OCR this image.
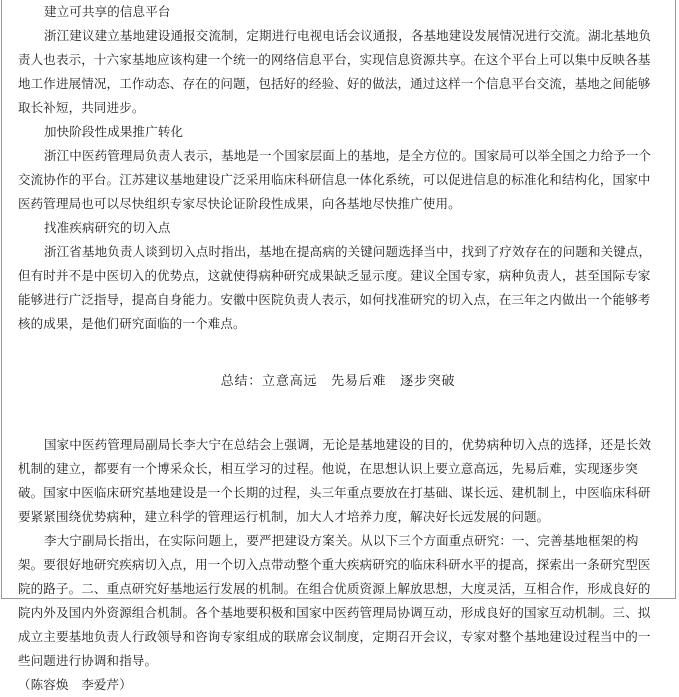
建立可共享的信息平台

浙江建议建立基地建设通报交流制，定期进行电视电话会议通报，各基地建设发展情况进行交流。湖北基地负责人也表示，十六家基地应该构建一个统一的网络信息平台，实现信息资源共享。在这个平台上可以集中反映各基地工作进展情况，工作动态、存在的问题，包括好的经验、好的做法，通过这样一个信息平台交流，基地之间能够取长补短，共同进步。

加快阶段性成果推广转化

浙江中医药管理局负责人表示，基地是一个国家层面上的基地，是全方位的。国家局可以举全国之力给予一个交流协作的平台。江苏建议基地建设广泛采用临床科研信息一体化系统，可以促进信息的标准化和结构化，国家中医药管理局也可以尽快组织专家尽快论证阶段性成果，向各基地尽快推广使用。

找准疾病研究的切入点

浙江省基地负责人谈到切入点时指出，基地在提高病的关键问题选择当中，找到了疗效存在的问题和关键点，但有时并不是中医切入的优势点，这就使得病种研究成果缺乏显示度。建议全国专家，病种负责人，甚至国际专家能够进行广泛指导，提高自身能力。安徽中医院负责人表示，如何找准研究的切入点，在三年之内做出一个能够考核的成果，是他们研究面临的一个难点。

总结：立意高远　先易后难　逐步突破

国家中医药管理局副局长李大宁在总结会上强调，无论是基地建设的目的，优势病种切入点的选择，还是长效机制的建立，都要有一个博采众长，相互学习的过程。他说，在思想认识上要立意高远，先易后难，实现逐步突破。国家中医临床研究基地建设是一个长期的过程，头三年重点要放在打基础、谋长远、建机制上，中医临床科研要紧紧围绕优势病种，建立科学的管理运行机制，加大人才培养力度，解决好长远发展的问题。

李大宁副局长指出，在实际问题上，要严把建设方案关。从以下三个方面重点研究：一、完善基地框架的构架。要很好地研究疾病切入点，用一个切入点带动整个重大疾病研究的临床科研水平的提高，探索出一条研究型医院的路子。二、重点研究好基地运行发展的机制。在组合优质资源上解放思想，大度灵活，互相合作，形成良好的院内外及国内外资源组合机制。各个基地要积极和国家中医药管理局协调互动，形成良好的国家互动机制。三、拟成立主要基地负责人行政领导和咨询专家组成的联席会议制度，定期召开会议，专家对整个基地建设过程当中的一些问题进行协调和指导。

（陈容焕　李爱芹）
